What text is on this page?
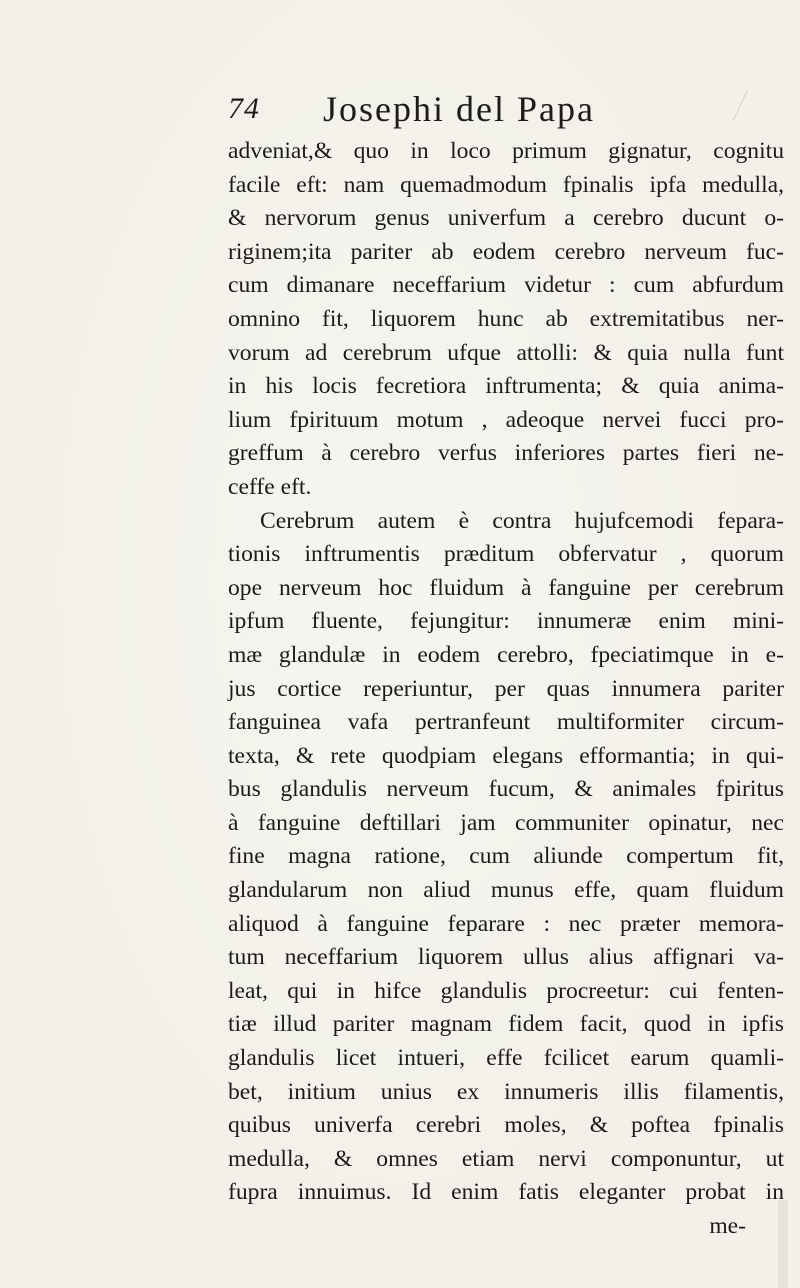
74 Josephi del Papa
adveniat,& quo in loco primum gignatur, cognitu
facile eft: nam quemadmodum fpinalis ipfa medulla,
& nervorum genus univerfum a cerebro ducunt o-
riginem;ita pariter ab eodem cerebro nerveum fuc-
cum dimanare neceffarium videtur : cum abfurdum
omnino fit, liquorem hunc ab extremitatibus ner-
vorum ad cerebrum ufque attolli: & quia nulla funt
in his locis fecretiora inftrumenta; & quia anima-
lium fpirituum motum , adeoque nervei fucci pro-
greffum à cerebro verfus inferiores partes fieri ne-
ceffe eft.
Cerebrum autem è contra hujufcemodi fepara-
tionis inftrumentis præditum obfervatur , quorum
ope nerveum hoc fluidum à fanguine per cerebrum
ipfum fluente, fejungitur: innumeræ enim mini-
mæ glandulæ in eodem cerebro, fpeciatimque in e-
jus cortice reperiuntur, per quas innumera pariter
fanguinea vafa pertranfeunt multiformiter circum-
texta, & rete quodpiam elegans efformantia; in qui-
bus glandulis nerveum fucum, & animales fpiritus
à fanguine deftillari jam communiter opinatur, nec
fine magna ratione, cum aliunde compertum fit,
glandularum non aliud munus effe, quam fluidum
aliquod à fanguine feparare : nec præter memora-
tum neceffarium liquorem ullus alius affignari va-
leat, qui in hifce glandulis procreetur: cui fenten-
tiæ illud pariter magnam fidem facit, quod in ipfis
glandulis licet intueri, effe fcilicet earum quamli-
bet, initium unius ex innumeris illis filamentis,
quibus univerfa cerebri moles, & poftea fpinalis
medulla, & omnes etiam nervi componuntur, ut
fupra innuimus. Id enim fatis eleganter probat in
me-
